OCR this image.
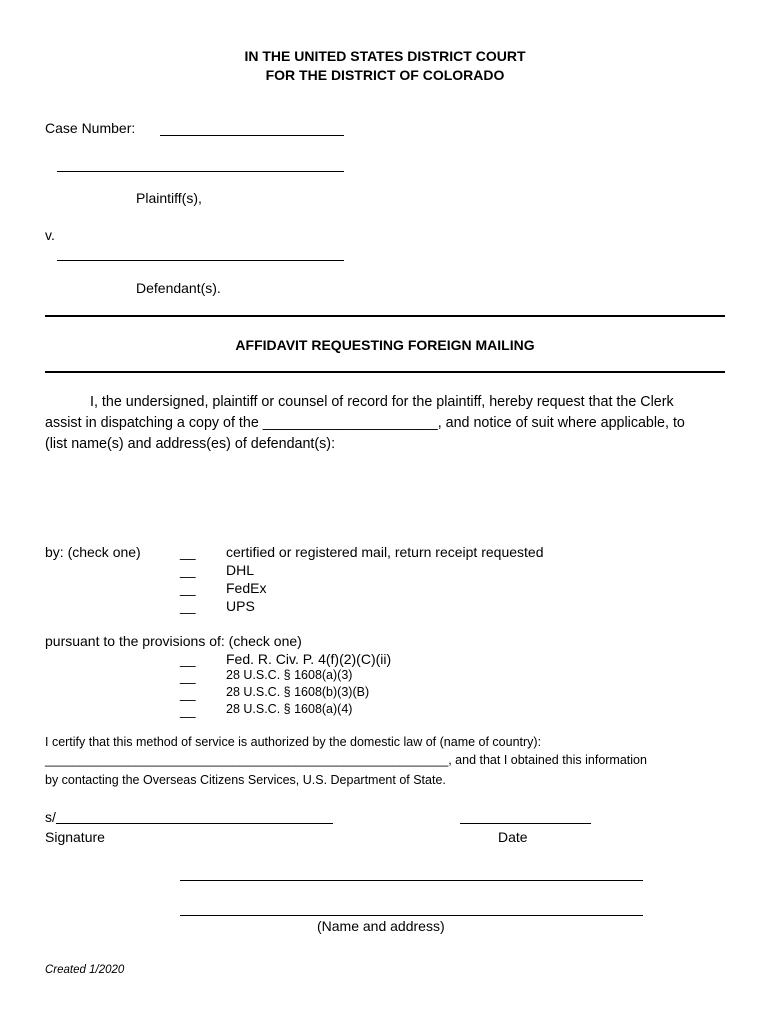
IN THE UNITED STATES DISTRICT COURT
FOR THE DISTRICT OF COLORADO
Case Number:
Plaintiff(s),
v.
Defendant(s).
AFFIDAVIT REQUESTING FOREIGN MAILING
I, the undersigned, plaintiff or counsel of record for the plaintiff, hereby request that the Clerk
assist in dispatching a copy of the ______________________, and notice of suit where applicable, to
(list name(s) and address(es) of defendant(s):
by: (check one)	__ certified or registered mail, return receipt requested
__ DHL
__ FedEx
__ UPS
pursuant to the provisions of: (check one)
__ Fed. R. Civ. P. 4(f)(2)(C)(ii)
__ 28 U.S.C. § 1608(a)(3)
__ 28 U.S.C. § 1608(b)(3)(B)
__ 28 U.S.C. § 1608(a)(4)
I certify that this method of service is authorized by the domestic law of (name of country):
__________________________________________________________, and that I obtained this information
by contacting the Overseas Citizens Services, U.S. Department of State.
s/
Signature	Date
(Name and address)
Created 1/2020
